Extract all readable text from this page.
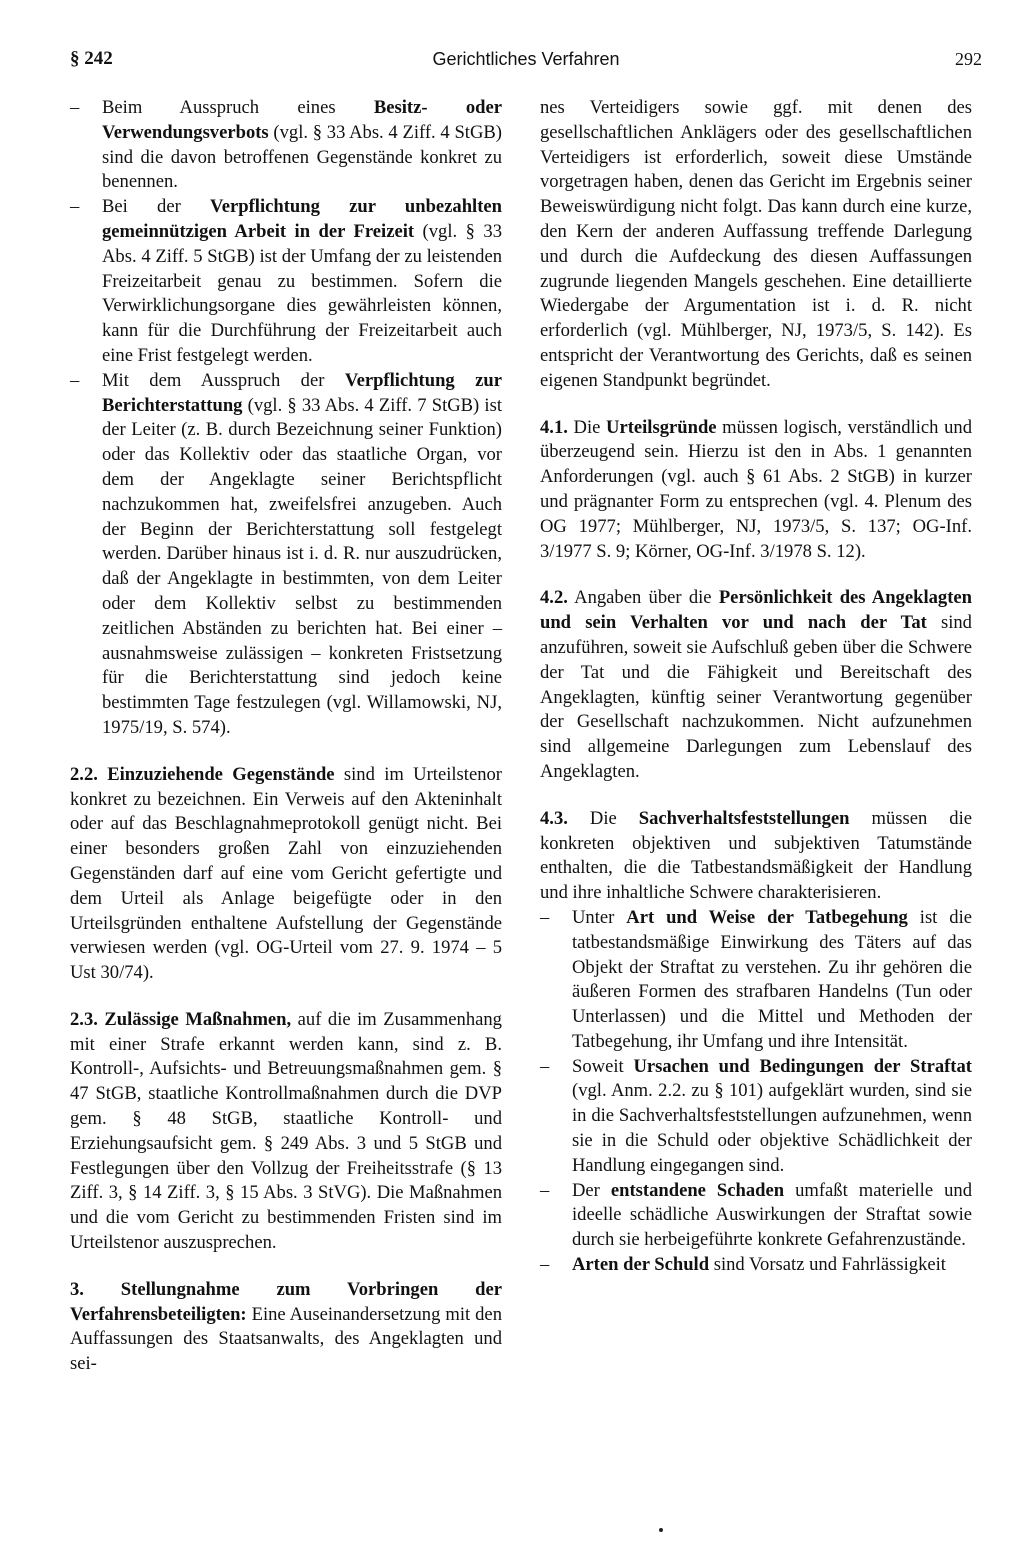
§ 242	Gerichtliches Verfahren	292
– Beim Ausspruch eines Besitz- oder Verwendungsverbots (vgl. § 33 Abs. 4 Ziff. 4 StGB) sind die davon betroffenen Gegenstände konkret zu benennen.
– Bei der Verpflichtung zur unbezahlten gemeinnützigen Arbeit in der Freizeit (vgl. § 33 Abs. 4 Ziff. 5 StGB) ist der Umfang der zu leistenden Freizeitarbeit genau zu bestimmen. Sofern die Verwirklichungsorgane dies gewährleisten können, kann für die Durchführung der Freizeitarbeit auch eine Frist festgelegt werden.
– Mit dem Ausspruch der Verpflichtung zur Berichterstattung (vgl. § 33 Abs. 4 Ziff. 7 StGB) ist der Leiter (z. B. durch Bezeichnung seiner Funktion) oder das Kollektiv oder das staatliche Organ, vor dem der Angeklagte seiner Berichtspflicht nachzukommen hat, zweifelsfrei anzugeben. Auch der Beginn der Berichterstattung soll festgelegt werden. Darüber hinaus ist i. d. R. nur auszudrücken, daß der Angeklagte in bestimmten, von dem Leiter oder dem Kollektiv selbst zu bestimmenden zeitlichen Abständen zu berichten hat. Bei einer – ausnahmsweise zulässigen – konkreten Fristsetzung für die Berichterstattung sind jedoch keine bestimmten Tage festzulegen (vgl. Willamowski, NJ, 1975/19, S. 574).

2.2. Einzuziehende Gegenstände sind im Urteilstenor konkret zu bezeichnen. Ein Verweis auf den Akteninhalt oder auf das Beschlagnahmeprotokoll genügt nicht. Bei einer besonders großen Zahl von einzuziehenden Gegenständen darf auf eine vom Gericht gefertigte und dem Urteil als Anlage beigefügte oder in den Urteilsgründen enthaltene Aufstellung der Gegenstände verwiesen werden (vgl. OG-Urteil vom 27. 9. 1974 – 5 Ust 30/74).

2.3. Zulässige Maßnahmen, auf die im Zusammenhang mit einer Strafe erkannt werden kann, sind z. B. Kontroll-, Aufsichts- und Betreuungsmaßnahmen gem. § 47 StGB, staatliche Kontrollmaßnahmen durch die DVP gem. § 48 StGB, staatliche Kontroll- und Erziehungsaufsicht gem. § 249 Abs. 3 und 5 StGB und Festlegungen über den Vollzug der Freiheitsstrafe (§ 13 Ziff. 3, § 14 Ziff. 3, § 15 Abs. 3 StVG). Die Maßnahmen und die vom Gericht zu bestimmenden Fristen sind im Urteilstenor auszusprechen.

3. Stellungnahme zum Vorbringen der Verfahrensbeteiligten: Eine Auseinandersetzung mit den Auffassungen des Staatsanwalts, des Angeklagten und sei-

nes Verteidigers sowie ggf. mit denen des gesellschaftlichen Anklägers oder des gesellschaftlichen Verteidigers ist erforderlich, soweit diese Umstände vorgetragen haben, denen das Gericht im Ergebnis seiner Beweiswürdigung nicht folgt. Das kann durch eine kurze, den Kern der anderen Auffassung treffende Darlegung und durch die Aufdeckung des diesen Auffassungen zugrunde liegenden Mangels geschehen. Eine detaillierte Wiedergabe der Argumentation ist i. d. R. nicht erforderlich (vgl. Mühlberger, NJ, 1973/5, S. 142). Es entspricht der Verantwortung des Gerichts, daß es seinen eigenen Standpunkt begründet.

4.1. Die Urteilsgründe müssen logisch, verständlich und überzeugend sein. Hierzu ist den in Abs. 1 genannten Anforderungen (vgl. auch § 61 Abs. 2 StGB) in kurzer und prägnanter Form zu entsprechen (vgl. 4. Plenum des OG 1977; Mühlberger, NJ, 1973/5, S. 137; OG-Inf. 3/1977 S. 9; Körner, OG-Inf. 3/1978 S. 12).

4.2. Angaben über die Persönlichkeit des Angeklagten und sein Verhalten vor und nach der Tat sind anzuführen, soweit sie Aufschluß geben über die Schwere der Tat und die Fähigkeit und Bereitschaft des Angeklagten, künftig seiner Verantwortung gegenüber der Gesellschaft nachzukommen. Nicht aufzunehmen sind allgemeine Darlegungen zum Lebenslauf des Angeklagten.

4.3. Die Sachverhaltsfeststellungen müssen die konkreten objektiven und subjektiven Tatumstände enthalten, die die Tatbestandsmäßigkeit der Handlung und ihre inhaltliche Schwere charakterisieren.

– Unter Art und Weise der Tatbegehung ist die tatbestandsmäßige Einwirkung des Täters auf das Objekt der Straftat zu verstehen. Zu ihr gehören die äußeren Formen des strafbaren Handelns (Tun oder Unterlassen) und die Mittel und Methoden der Tatbegehung, ihr Umfang und ihre Intensität.
– Soweit Ursachen und Bedingungen der Straftat (vgl. Anm. 2.2. zu § 101) aufgeklärt wurden, sind sie in die Sachverhaltsfeststellungen aufzunehmen, wenn sie in die Schuld oder objektive Schädlichkeit der Handlung eingegangen sind.
– Der entstandene Schaden umfaßt materielle und ideelle schädliche Auswirkungen der Straftat sowie durch sie herbeigeführte konkrete Gefahrenzustände.
– Arten der Schuld sind Vorsatz und Fahrlässigkeit
